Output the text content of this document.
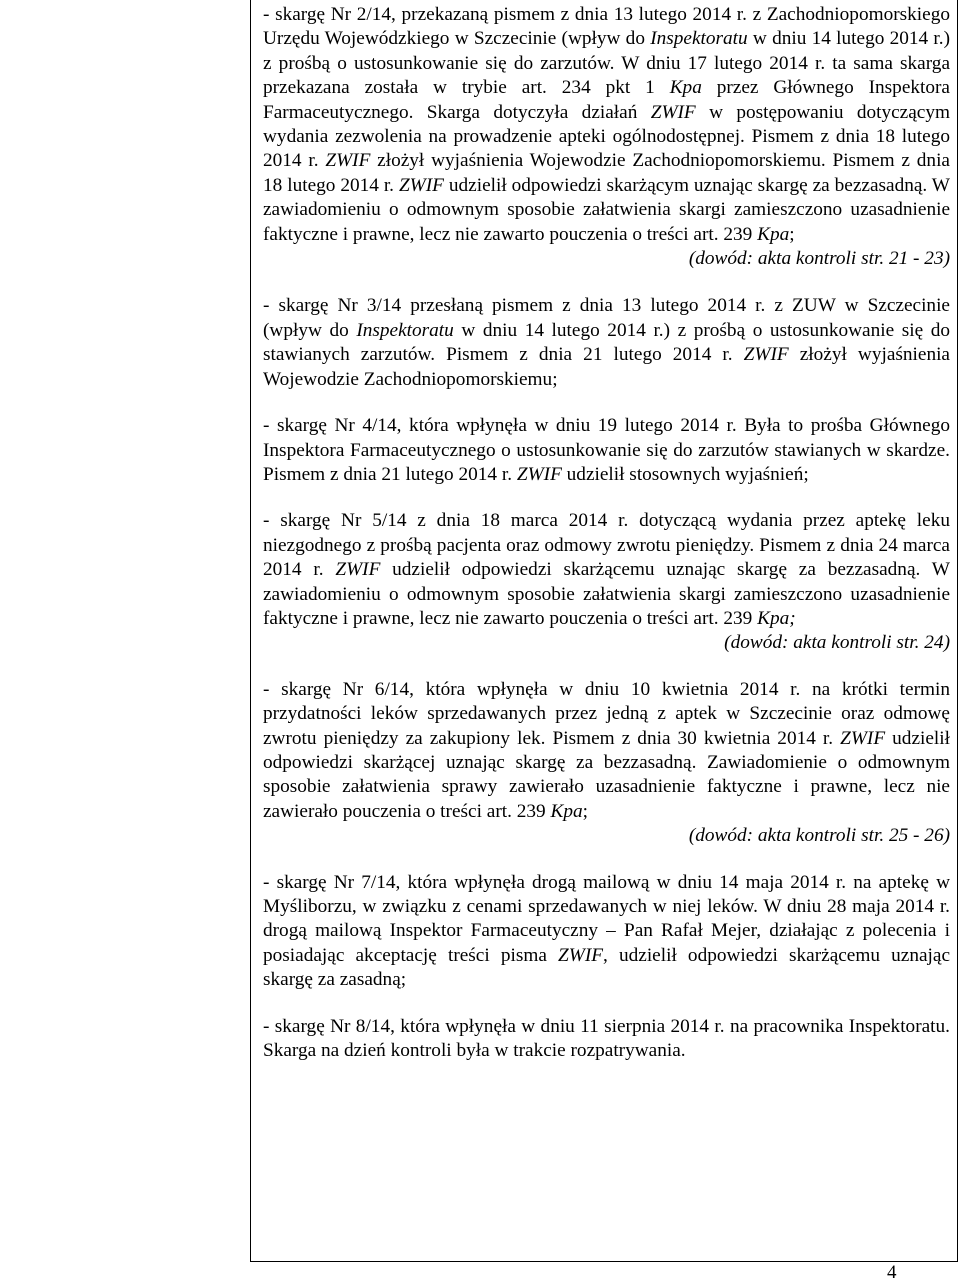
- skargę Nr 2/14, przekazaną pismem z dnia 13 lutego 2014 r. z Zachodniopomorskiego Urzędu Wojewódzkiego w Szczecinie (wpływ do Inspektoratu w dniu 14 lutego 2014 r.) z prośbą o ustosunkowanie się do zarzutów. W dniu 17 lutego 2014 r. ta sama skarga przekazana została w trybie art. 234 pkt 1 Kpa przez Głównego Inspektora Farmaceutycznego. Skarga dotyczyła działań ZWIF w postępowaniu dotyczącym wydania zezwolenia na prowadzenie apteki ogólnodostępnej. Pismem z dnia 18 lutego 2014 r. ZWIF złożył wyjaśnienia Wojewodzie Zachodniopomorskiemu. Pismem z dnia 18 lutego 2014 r. ZWIF udzielił odpowiedzi skarżącym uznając skargę za bezzasadną. W zawiadomieniu o odmownym sposobie załatwienia skargi zamieszczono uzasadnienie faktyczne i prawne, lecz nie zawarto pouczenia o treści art. 239 Kpa;

(dowód: akta kontroli str. 21 - 23)

- skargę Nr 3/14 przesłaną pismem z dnia 13 lutego 2014 r. z ZUW w Szczecinie (wpływ do Inspektoratu w dniu 14 lutego 2014 r.) z prośbą o ustosunkowanie się do stawianych zarzutów. Pismem z dnia 21 lutego 2014 r. ZWIF złożył wyjaśnienia Wojewodzie Zachodniopomorskiemu;

- skargę Nr 4/14, która wpłynęła w dniu 19 lutego 2014 r. Była to prośba Głównego Inspektora Farmaceutycznego o ustosunkowanie się do zarzutów stawianych w skardze. Pismem z dnia 21 lutego 2014 r. ZWIF udzielił stosownych wyjaśnień;

- skargę Nr 5/14 z dnia 18 marca 2014 r. dotyczącą wydania przez aptekę leku niezgodnego z prośbą pacjenta oraz odmowy zwrotu pieniędzy. Pismem z dnia 24 marca 2014 r. ZWIF udzielił odpowiedzi skarżącemu uznając skargę za bezzasadną. W zawiadomieniu o odmownym sposobie załatwienia skargi zamieszczono uzasadnienie faktyczne i prawne, lecz nie zawarto pouczenia o treści art. 239 Kpa;

(dowód: akta kontroli str. 24)

- skargę Nr 6/14, która wpłynęła w dniu 10 kwietnia 2014 r. na krótki termin przydatności leków sprzedawanych przez jedną z aptek w Szczecinie oraz odmowę zwrotu pieniędzy za zakupiony lek. Pismem z dnia 30 kwietnia 2014 r. ZWIF udzielił odpowiedzi skarżącej uznając skargę za bezzasadną. Zawiadomienie o odmownym sposobie załatwienia sprawy zawierało uzasadnienie faktyczne i prawne, lecz nie zawierało pouczenia o treści art. 239 Kpa;

(dowód: akta kontroli str. 25 - 26)

- skargę Nr 7/14, która wpłynęła drogą mailową w dniu 14 maja 2014 r. na aptekę w Myśliborzu, w związku z cenami sprzedawanych w niej leków. W dniu 28 maja 2014 r. drogą mailową Inspektor Farmaceutyczny – Pan Rafał Mejer, działając z polecenia i posiadając akceptację treści pisma ZWIF, udzielił odpowiedzi skarżącemu uznając skargę za zasadną;

- skargę Nr 8/14, która wpłynęła w dniu 11 sierpnia 2014 r. na pracownika Inspektoratu. Skarga na dzień kontroli była w trakcie rozpatrywania.

4
